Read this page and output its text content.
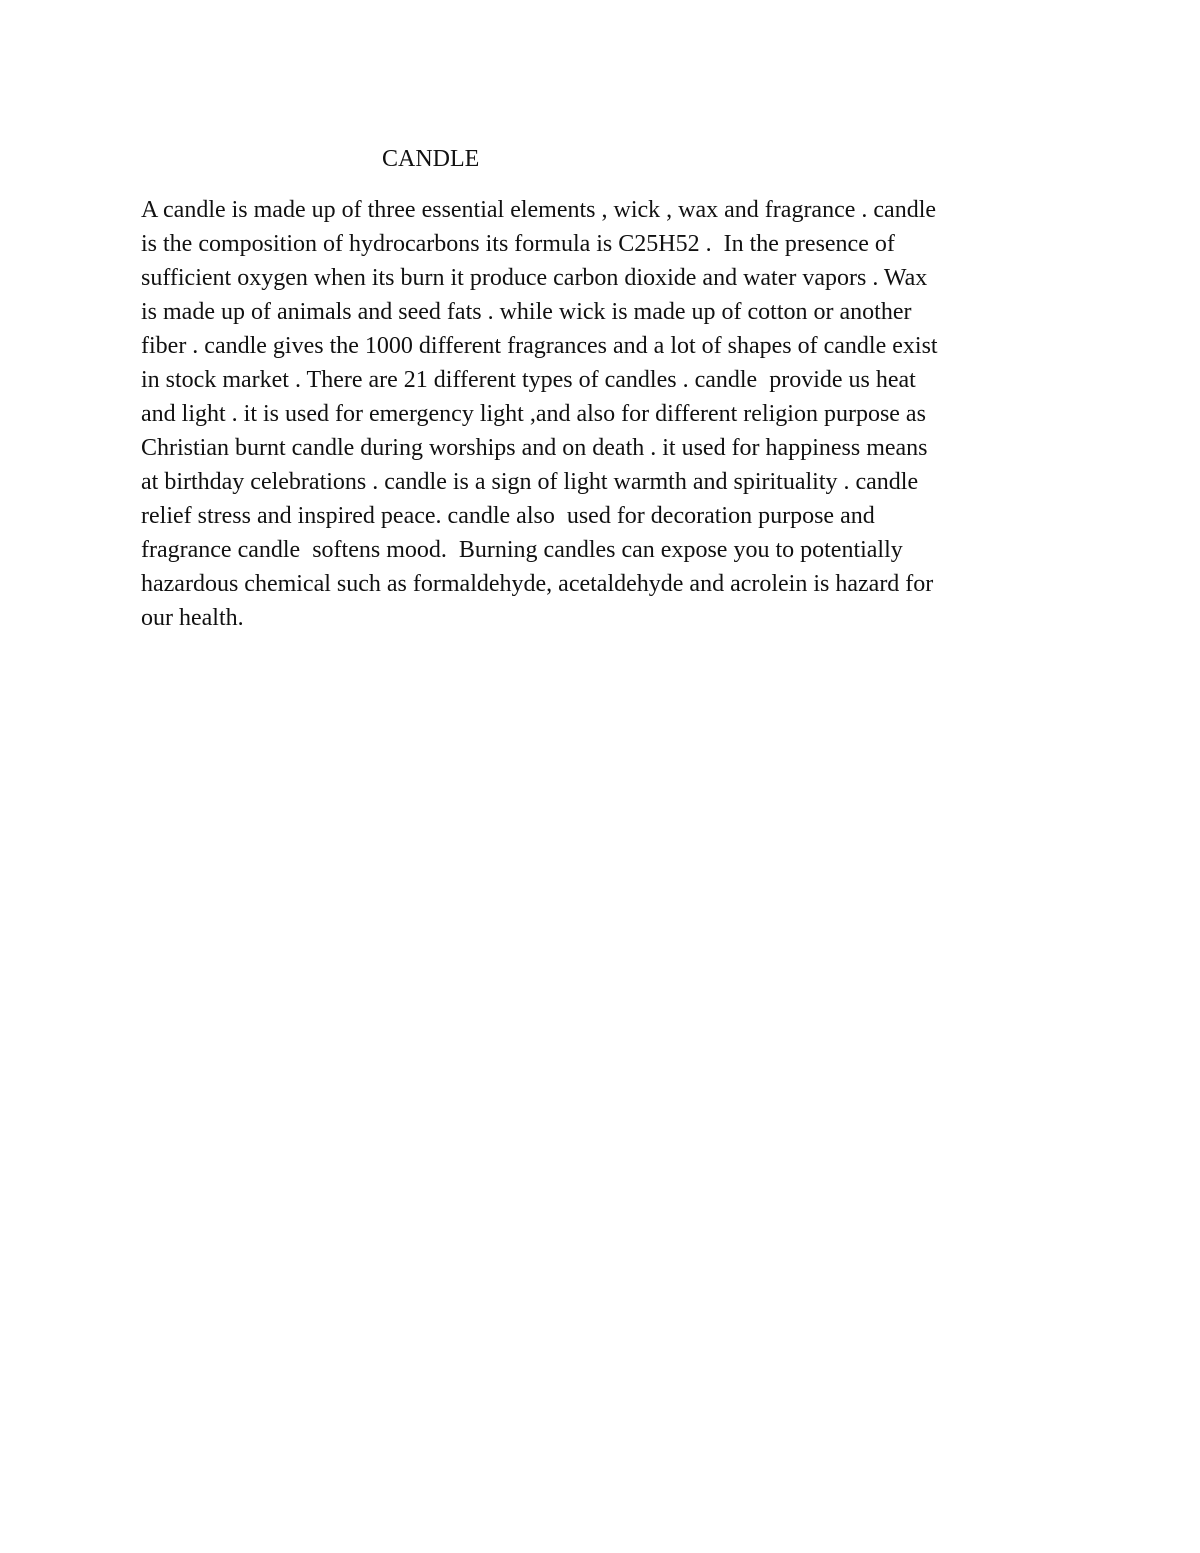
CANDLE
A candle is made up of three essential elements , wick , wax and fragrance . candle
is the composition of hydrocarbons its formula is C25H52 .  In the presence of
sufficient oxygen when its burn it produce carbon dioxide and water vapors . Wax
is made up of animals and seed fats . while wick is made up of cotton or another
fiber . candle gives the 1000 different fragrances and a lot of shapes of candle exist
in stock market . There are 21 different types of candles . candle  provide us heat
and light . it is used for emergency light ,and also for different religion purpose as
Christian burnt candle during worships and on death . it used for happiness means
at birthday celebrations . candle is a sign of light warmth and spirituality . candle
relief stress and inspired peace. candle also  used for decoration purpose and
fragrance candle  softens mood.  Burning candles can expose you to potentially
hazardous chemical such as formaldehyde, acetaldehyde and acrolein is hazard for
our health.
